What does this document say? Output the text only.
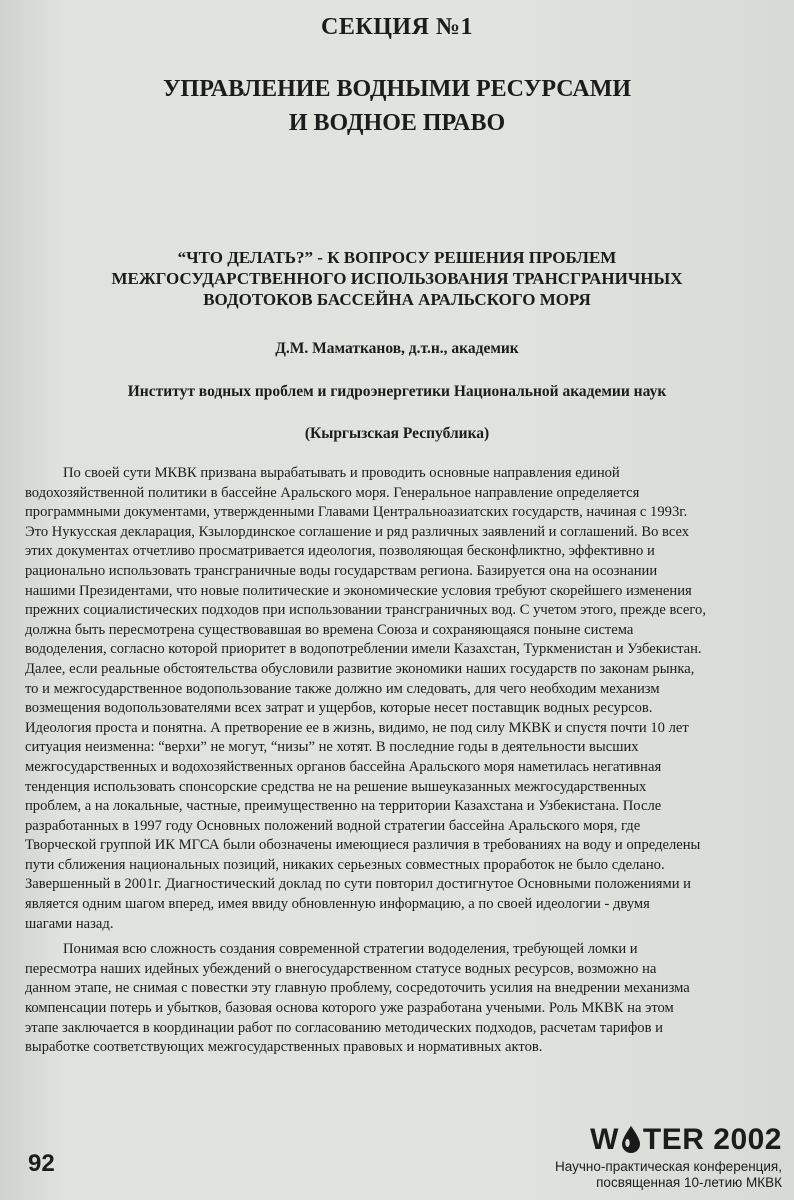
СЕКЦИЯ №1
УПРАВЛЕНИЕ ВОДНЫМИ РЕСУРСАМИ
И ВОДНОЕ ПРАВО
“ЧТО ДЕЛАТЬ?” - К ВОПРОСУ РЕШЕНИЯ ПРОБЛЕМ
МЕЖГОСУДАРСТВЕННОГО ИСПОЛЬЗОВАНИЯ ТРАНСГРАНИЧНЫХ
ВОДОТОКОВ БАССЕЙНА АРАЛЬСКОГО МОРЯ
Д.М. Маматканов, д.т.н., академик
Институт водных проблем и гидроэнергетики Национальной академии наук
(Кыргызская Республика)
По своей сути МКВК призвана вырабатывать и проводить основные направления единой
водохозяйственной политики в бассейне Аральского моря. Генеральное направление определяется
программными документами, утвержденными Главами Центральноазиатских государств, начиная с 1993г.
Это Нукусская декларация, Кзылординское соглашение и ряд различных заявлений и соглашений. Во всех
этих документах отчетливо просматривается идеология, позволяющая бесконфликтно, эффективно и
рационально использовать трансграничные воды государствам региона. Базируется она на осознании
нашими Президентами, что новые политические и экономические условия требуют скорейшего изменения
прежних социалистических подходов при использовании трансграничных вод. С учетом этого, прежде всего,
должна быть пересмотрена существовавшая во времена Союза и сохраняющаяся поныне система
вододеления, согласно которой приоритет в водопотреблении имели Казахстан, Туркменистан и Узбекистан.
Далее, если реальные обстоятельства обусловили развитие экономики наших государств по законам рынка,
то и межгосударственное водопользование также должно им следовать, для чего необходим механизм
возмещения водопользователями всех затрат и ущербов, которые несет поставщик водных ресурсов.
Идеология проста и понятна. А претворение ее в жизнь, видимо, не под силу МКВК и спустя почти 10 лет
ситуация неизменна: “верхи” не могут, “низы” не хотят. В последние годы в деятельности высших
межгосударственных и водохозяйственных органов бассейна Аральского моря наметилась негативная
тенденция использовать спонсорские средства не на решение вышеуказанных межгосударственных
проблем, а на локальные, частные, преимущественно на территории Казахстана и Узбекистана. После
разработанных в 1997 году Основных положений водной стратегии бассейна Аральского моря, где
Творческой группой ИК МГСА были обозначены имеющиеся различия в требованиях на воду и определены
пути сближения национальных позиций, никаких серьезных совместных проработок не было сделано.
Завершенный в 2001г. Диагностический доклад по сути повторил достигнутое Основными положениями и
является одним шагом вперед, имея ввиду обновленную информацию, а по своей идеологии - двумя
шагами назад.
Понимая всю сложность создания современной стратегии вододеления, требующей ломки и
пересмотра наших идейных убеждений о внегосударственном статусе водных ресурсов, возможно на
данном этапе, не снимая с повестки эту главную проблему, сосредоточить усилия на внедрении механизма
компенсации потерь и убытков, базовая основа которого уже разработана учеными. Роль МКВК на этом
этапе заключается в координации работ по согласованию методических подходов, расчетам тарифов и
выработке соответствующих межгосударственных правовых и нормативных актов.
92
W TER 2002
Научно-практическая конференция,
посвященная 10-летию МКВК
